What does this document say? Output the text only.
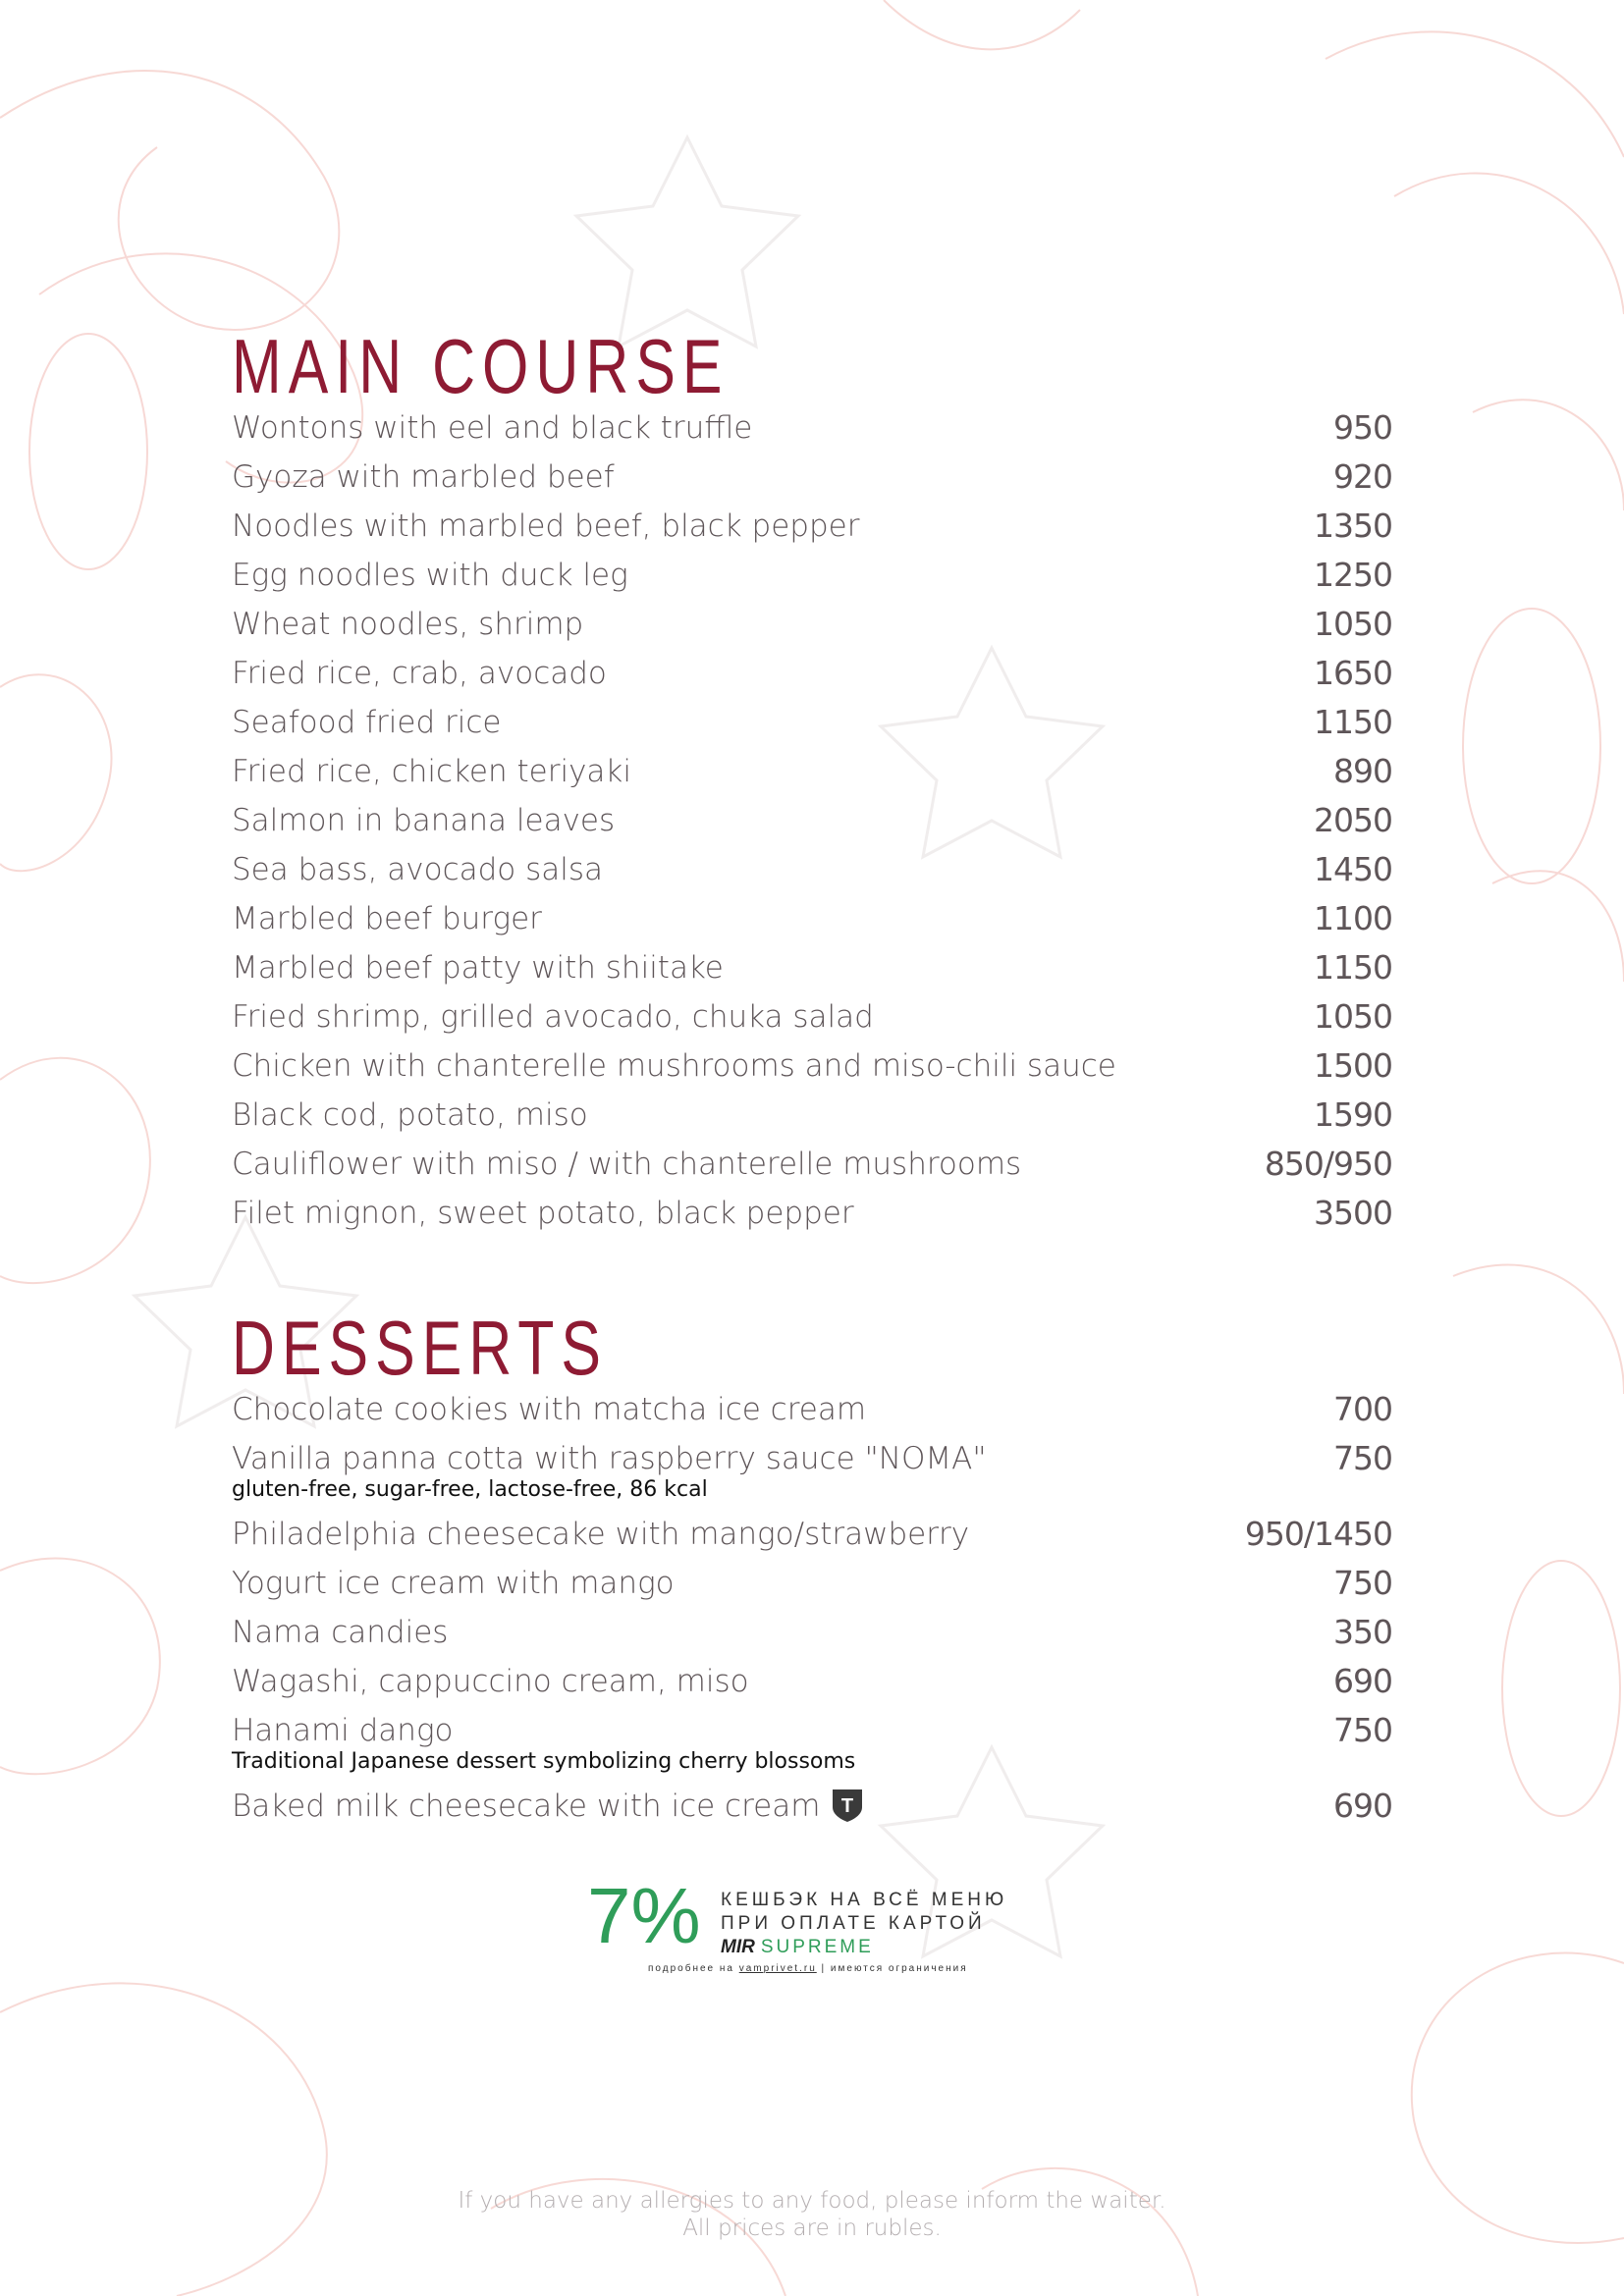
MAIN COURSE
Wontons with eel and black truffle	950
Gyoza with marbled beef	920
Noodles with marbled beef, black pepper	1350
Egg noodles with duck leg	1250
Wheat noodles, shrimp	1050
Fried rice, crab, avocado	1650
Seafood fried rice	1150
Fried rice, chicken teriyaki	890
Salmon in banana leaves	2050
Sea bass, avocado salsa	1450
Marbled beef burger	1100
Marbled beef patty with shiitake	1150
Fried shrimp, grilled avocado, chuka salad	1050
Chicken with chanterelle mushrooms and miso-chili sauce	1500
Black cod, potato, miso	1590
Cauliflower with miso / with chanterelle mushrooms	850/950
Filet mignon, sweet potato, black pepper	3500
DESSERTS
Chocolate cookies with matcha ice cream	700
Vanilla panna cotta with raspberry sauce "NOMA"	750
gluten-free, sugar-free, lactose-free, 86 kcal
Philadelphia cheesecake with mango/strawberry	950/1450
Yogurt ice cream with mango	750
Nama candies	350
Wagashi, cappuccino cream, miso	690
Hanami dango	750
Traditional Japanese dessert symbolizing cherry blossoms
Baked milk cheesecake with ice cream T	690
7% КЕШБЭК НА ВСЁ МЕНЮ
ПРИ ОПЛАТЕ КАРТОЙ
MIR SUPREME
подробнее на vamprivet.ru | имеются ограничения
If you have any allergies to any food, please inform the waiter.
All prices are in rubles.
